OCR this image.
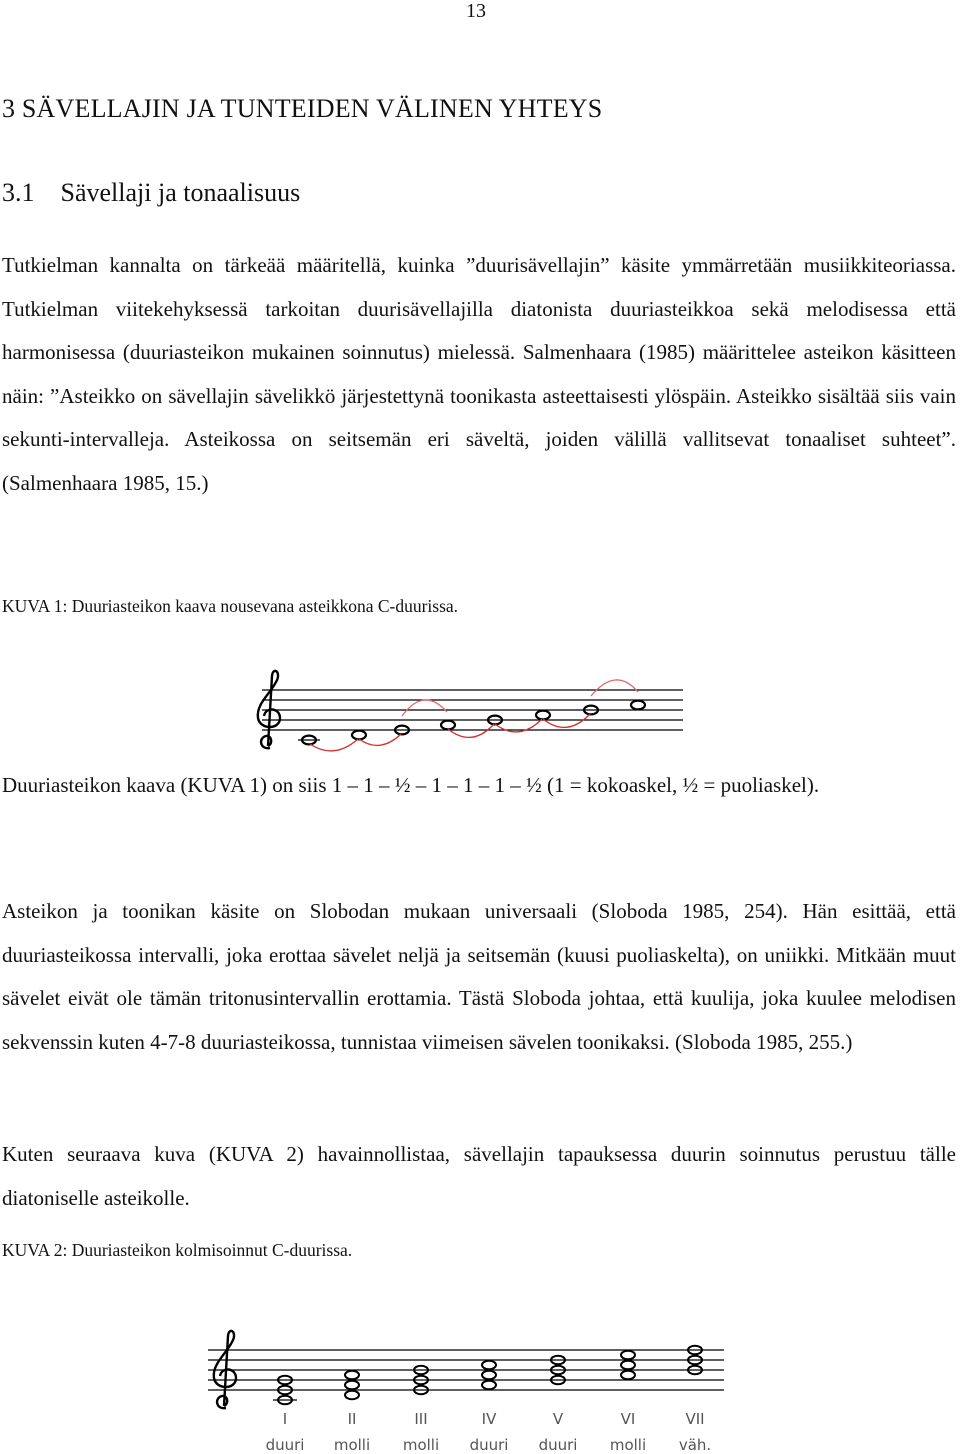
13
3 SÄVELLAJIN JA TUNTEIDEN VÄLINEN YHTEYS
3.1    Sävellaji ja tonaalisuus

Tutkielman kannalta on tärkeää määritellä, kuinka ”duurisävellajin” käsite ymmärretään musiikkiteoriassa. Tutkielman viitekehyksessä tarkoitan duurisävellajilla diatonista duuriasteikkoa sekä melodisessa että harmonisessa (duuriasteikon mukainen soinnutus) mielessä. Salmenhaara (1985) määrittelee asteikon käsitteen näin: ”Asteikko on sävellajin sävelikkö järjestettynä toonikasta asteettaisesti ylöspäin. Asteikko sisältää siis vain sekunti-intervalleja. Asteikossa on seitsemän eri säveltä, joiden välillä vallitsevat tonaaliset suhteet”. (Salmenhaara 1985, 15.)

KUVA 1: Duuriasteikon kaava nousevana asteikkona C-duurissa.

Duuriasteikon kaava (KUVA 1) on siis 1 – 1 – ½ – 1 – 1 – 1 – ½ (1 = kokoaskel, ½ = puoliaskel).

Asteikon ja toonikan käsite on Slobodan mukaan universaali (Sloboda 1985, 254). Hän esittää, että duuriasteikossa intervalli, joka erottaa sävelet neljä ja seitsemän (kuusi puoliaskelta), on uniikki. Mitkään muut sävelet eivät ole tämän tritonusintervallin erottamia. Tästä Sloboda johtaa, että kuulija, joka kuulee melodisen sekvenssin kuten 4-7-8 duuriasteikossa, tunnistaa viimeisen sävelen toonikaksi. (Sloboda 1985, 255.)

Kuten seuraava kuva (KUVA 2) havainnollistaa, sävellajin tapauksessa duurin soinnutus perustuu tälle diatoniselle asteikolle.

KUVA 2: Duuriasteikon kolmisoinnut C-duurissa.
I	II	III	IV	V	VI	VII
duuri molli molli duuri duuri molli väh.
